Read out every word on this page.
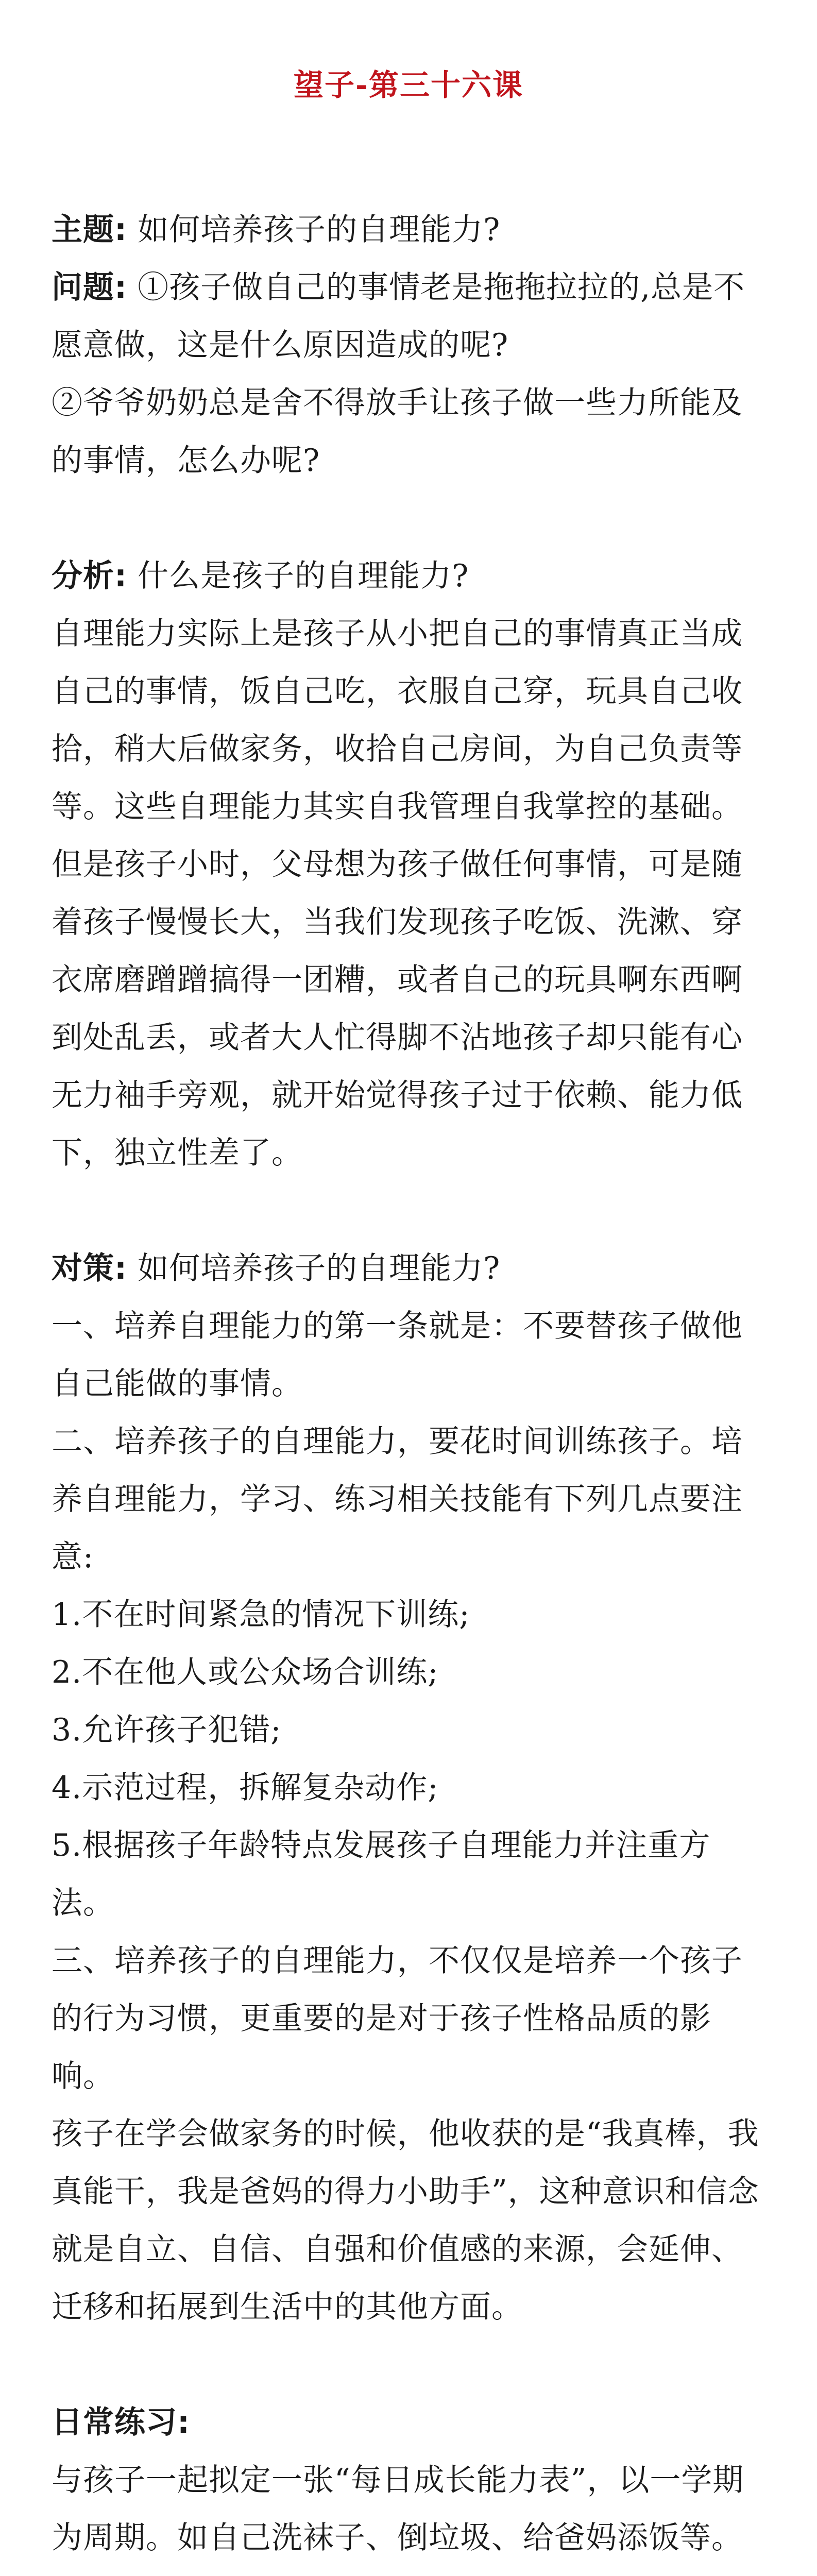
望子-第三十六课

主题: 如何培养孩子的自理能力?

问题: ①孩子做自己的事情老是拖拖拉拉的,总是不愿意做，这是什么原因造成的呢?

②爷爷奶奶总是舍不得放手让孩子做一些力所能及的事情，怎么办呢?

分析: 什么是孩子的自理能力?

自理能力实际上是孩子从小把自己的事情真正当成自己的事情，饭自己吃，衣服自己穿，玩具自己收拾，稍大后做家务，收拾自己房间，为自己负责等等。这些自理能力其实自我管理自我掌控的基础。但是孩子小时，父母想为孩子做任何事情，可是随着孩子慢慢长大，当我们发现孩子吃饭、洗漱、穿衣席磨蹭蹭搞得一团糟，或者自己的玩具啊东西啊到处乱丢，或者大人忙得脚不沾地孩子却只能有心无力袖手旁观，就开始觉得孩子过于依赖、能力低下，独立性差了。

对策: 如何培养孩子的自理能力?

一、培养自理能力的第一条就是：不要替孩子做他自己能做的事情。

二、培养孩子的自理能力，要花时间训练孩子。培养自理能力，学习、练习相关技能有下列几点要注意:

1.不在时间紧急的情况下训练;

2.不在他人或公众场合训练;

3.允许孩子犯错;

4.示范过程，拆解复杂动作;

5.根据孩子年龄特点发展孩子自理能力并注重方法。

三、培养孩子的自理能力，不仅仅是培养一个孩子的行为习惯，更重要的是对于孩子性格品质的影响。

孩子在学会做家务的时候，他收获的是“我真棒，我真能干，我是爸妈的得力小助手”，这种意识和信念就是自立、自信、自强和价值感的来源，会延伸、迁移和拓展到生活中的其他方面。

日常练习:

与孩子一起拟定一张“每日成长能力表”，以一学期为周期。如自己洗袜子、倒垃圾、给爸妈添饭等。
